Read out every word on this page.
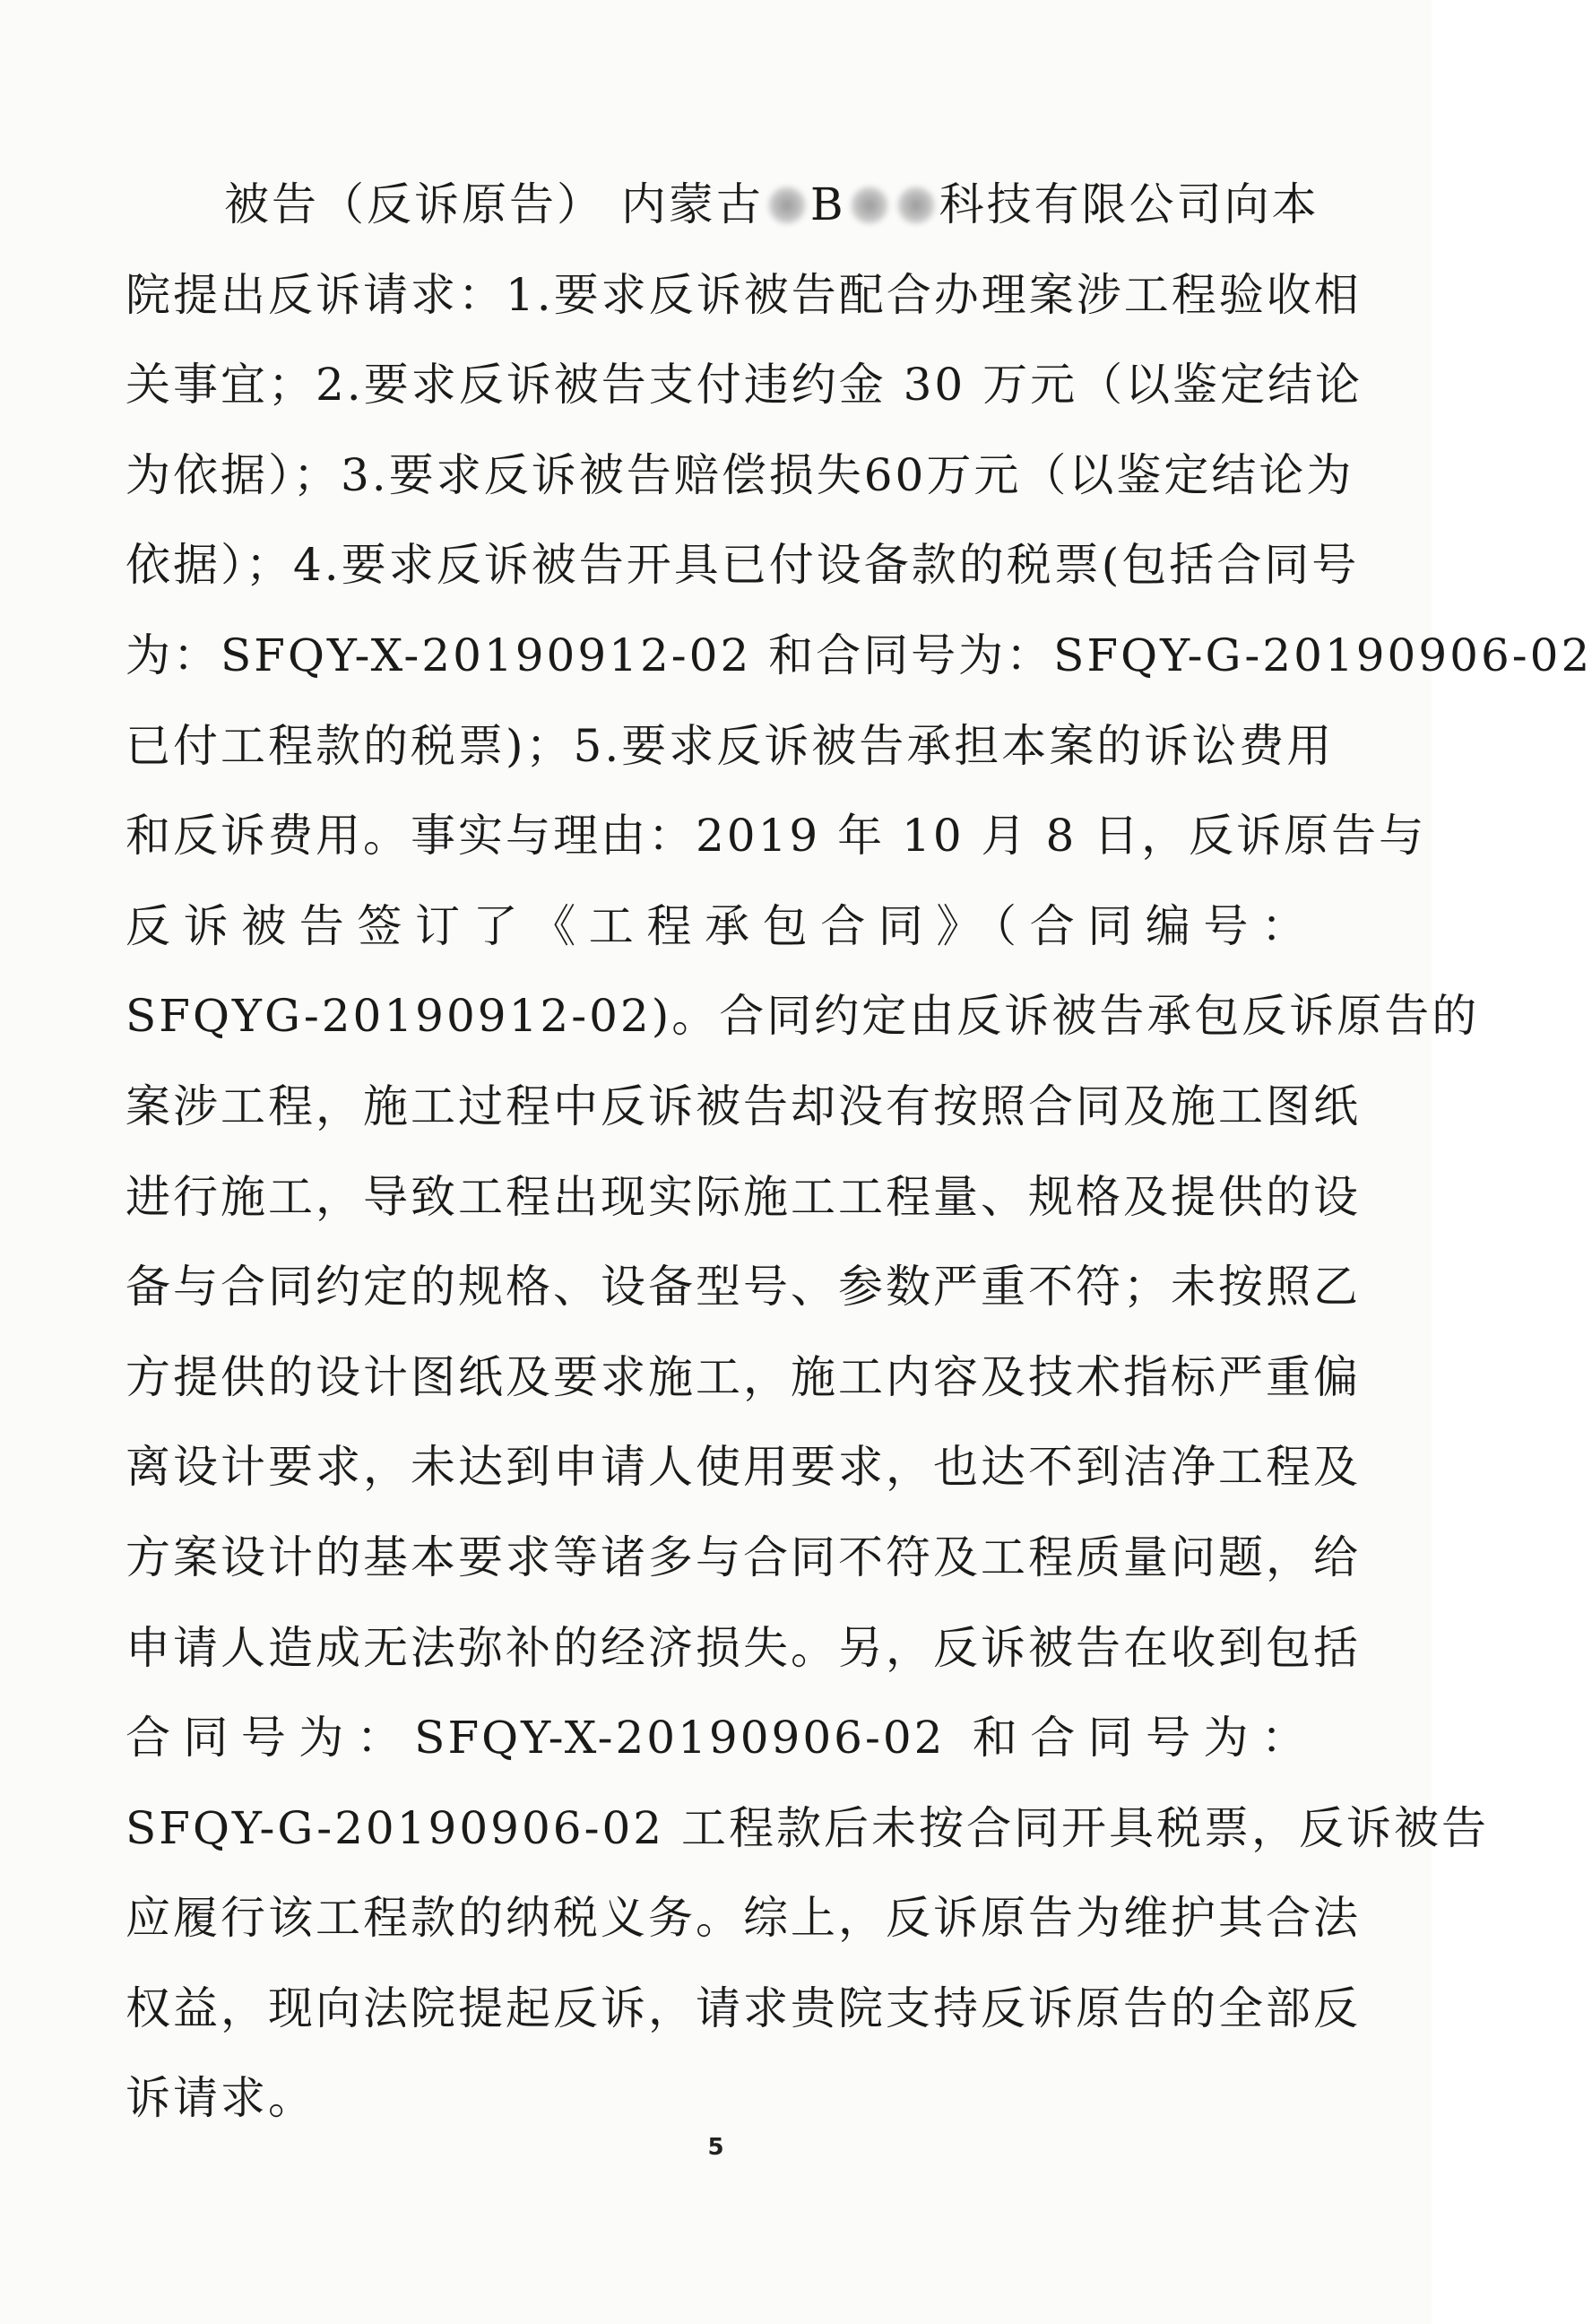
被告（反诉原告） 内蒙古 B 科技有限公司向本
院提出反诉请求：1.要求反诉被告配合办理案涉工程验收相
关事宜；2.要求反诉被告支付违约金 30 万元（以鉴定结论
为依据）；3.要求反诉被告赔偿损失60万元（以鉴定结论为
依据）；4.要求反诉被告开具已付设备款的税票(包括合同号
为：SFQY-X-20190912-02 和合同号为：SFQY-G-20190906-02
已付工程款的税票)；5.要求反诉被告承担本案的诉讼费用
和反诉费用。事实与理由：2019 年 10 月 8 日，反诉原告与
反诉被告签订了《工程承包合同》（合同编号：
SFQYG-20190912-02)。合同约定由反诉被告承包反诉原告的
案涉工程，施工过程中反诉被告却没有按照合同及施工图纸
进行施工，导致工程出现实际施工工程量、规格及提供的设
备与合同约定的规格、设备型号、参数严重不符；未按照乙
方提供的设计图纸及要求施工，施工内容及技术指标严重偏
离设计要求，未达到申请人使用要求，也达不到洁净工程及
方案设计的基本要求等诸多与合同不符及工程质量问题，给
申请人造成无法弥补的经济损失。另，反诉被告在收到包括
合同号为：SFQY-X-20190906-02 和合同号为：
SFQY-G-20190906-02 工程款后未按合同开具税票，反诉被告
应履行该工程款的纳税义务。综上，反诉原告为维护其合法
权益，现向法院提起反诉，请求贵院支持反诉原告的全部反
诉请求。
5
